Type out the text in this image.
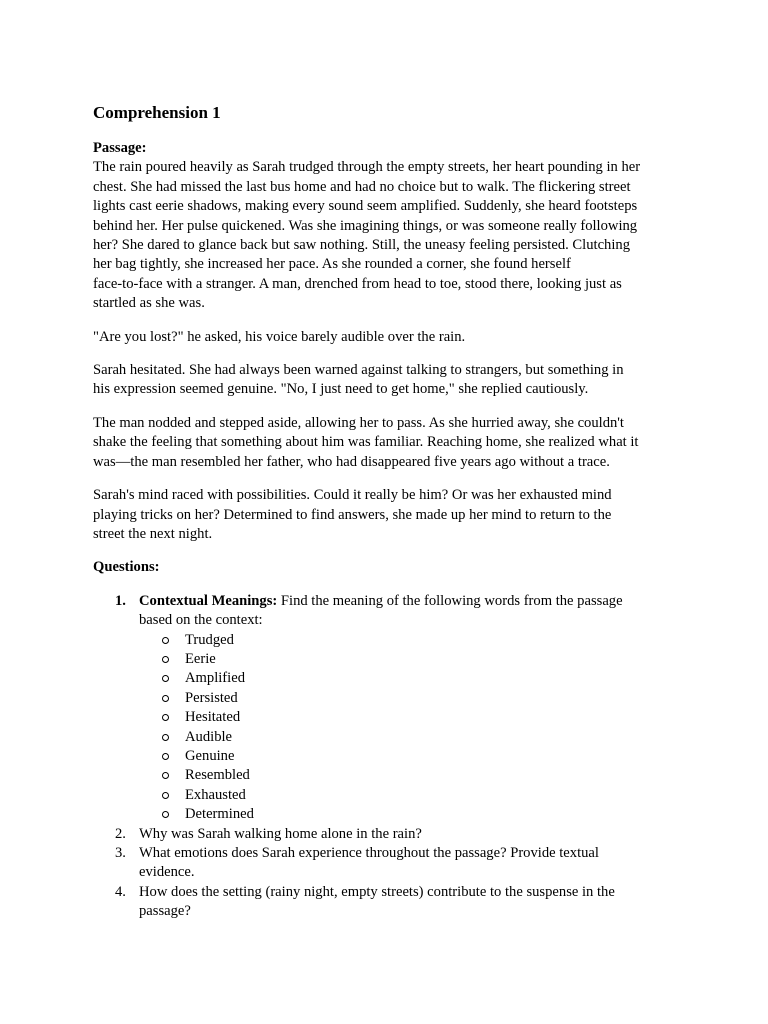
Comprehension 1
Passage:

The rain poured heavily as Sarah trudged through the empty streets, her heart pounding in her
chest. She had missed the last bus home and had no choice but to walk. The flickering street
lights cast eerie shadows, making every sound seem amplified. Suddenly, she heard footsteps
behind her. Her pulse quickened. Was she imagining things, or was someone really following
her? She dared to glance back but saw nothing. Still, the uneasy feeling persisted. Clutching
her bag tightly, she increased her pace. As she rounded a corner, she found herself
face-to-face with a stranger. A man, drenched from head to toe, stood there, looking just as
startled as she was.

"Are you lost?" he asked, his voice barely audible over the rain.

Sarah hesitated. She had always been warned against talking to strangers, but something in
his expression seemed genuine. "No, I just need to get home," she replied cautiously.

The man nodded and stepped aside, allowing her to pass. As she hurried away, she couldn't
shake the feeling that something about him was familiar. Reaching home, she realized what it
was—the man resembled her father, who had disappeared five years ago without a trace.

Sarah's mind raced with possibilities. Could it really be him? Or was her exhausted mind
playing tricks on her? Determined to find answers, she made up her mind to return to the
street the next night.

Questions:
1. Contextual Meanings: Find the meaning of the following words from the passage
based on the context:
Trudged
Eerie
Amplified
Persisted
Hesitated
Audible
Genuine
Resembled
Exhausted
Determined
2. Why was Sarah walking home alone in the rain?
3. What emotions does Sarah experience throughout the passage? Provide textual
evidence.
4. How does the setting (rainy night, empty streets) contribute to the suspense in the
passage?
